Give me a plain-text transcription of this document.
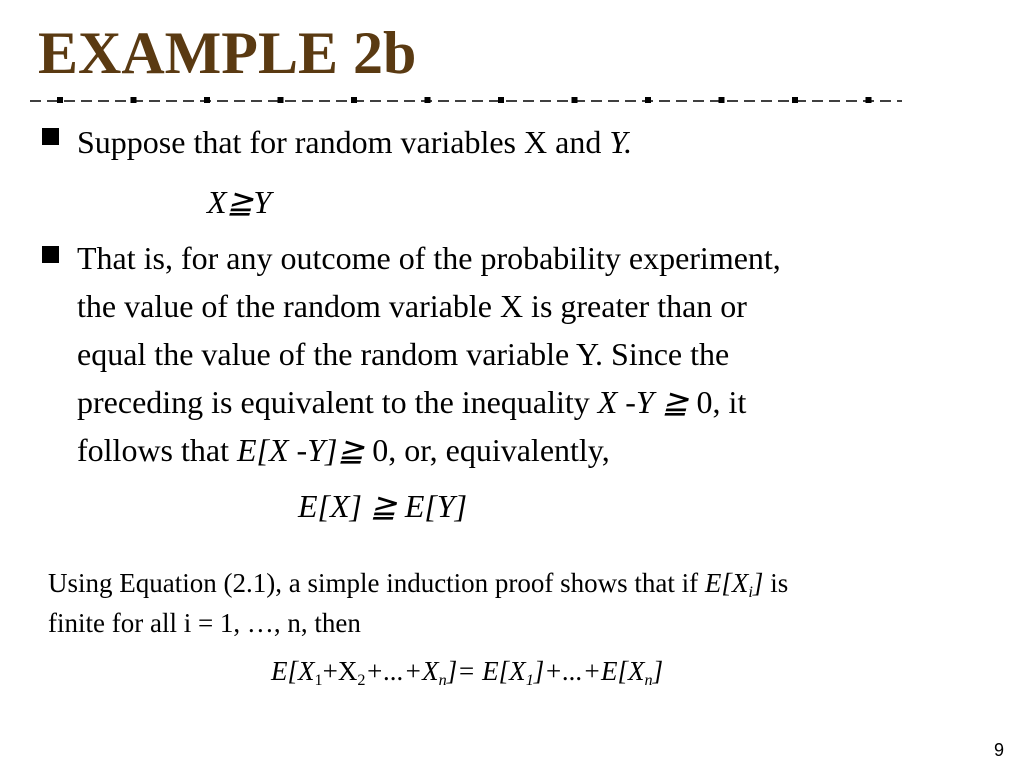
EXAMPLE 2b
Suppose that for random variables X and Y.
X≧Y
That is, for any outcome of the probability experiment,
the value of the random variable X is greater than or
equal the value of the random variable Y. Since the
preceding is equivalent to the inequality X -Y ≧ 0, it
follows that E[X -Y]≧ 0, or, equivalently,
E[X] ≧ E[Y]
Using Equation (2.1), a simple induction proof shows that if $E[X_i]$ is
finite for all i = 1, …, n, then
$E[X_1+X_2+...+X_n]= E[X_1]+...+E[X_n]$
9
